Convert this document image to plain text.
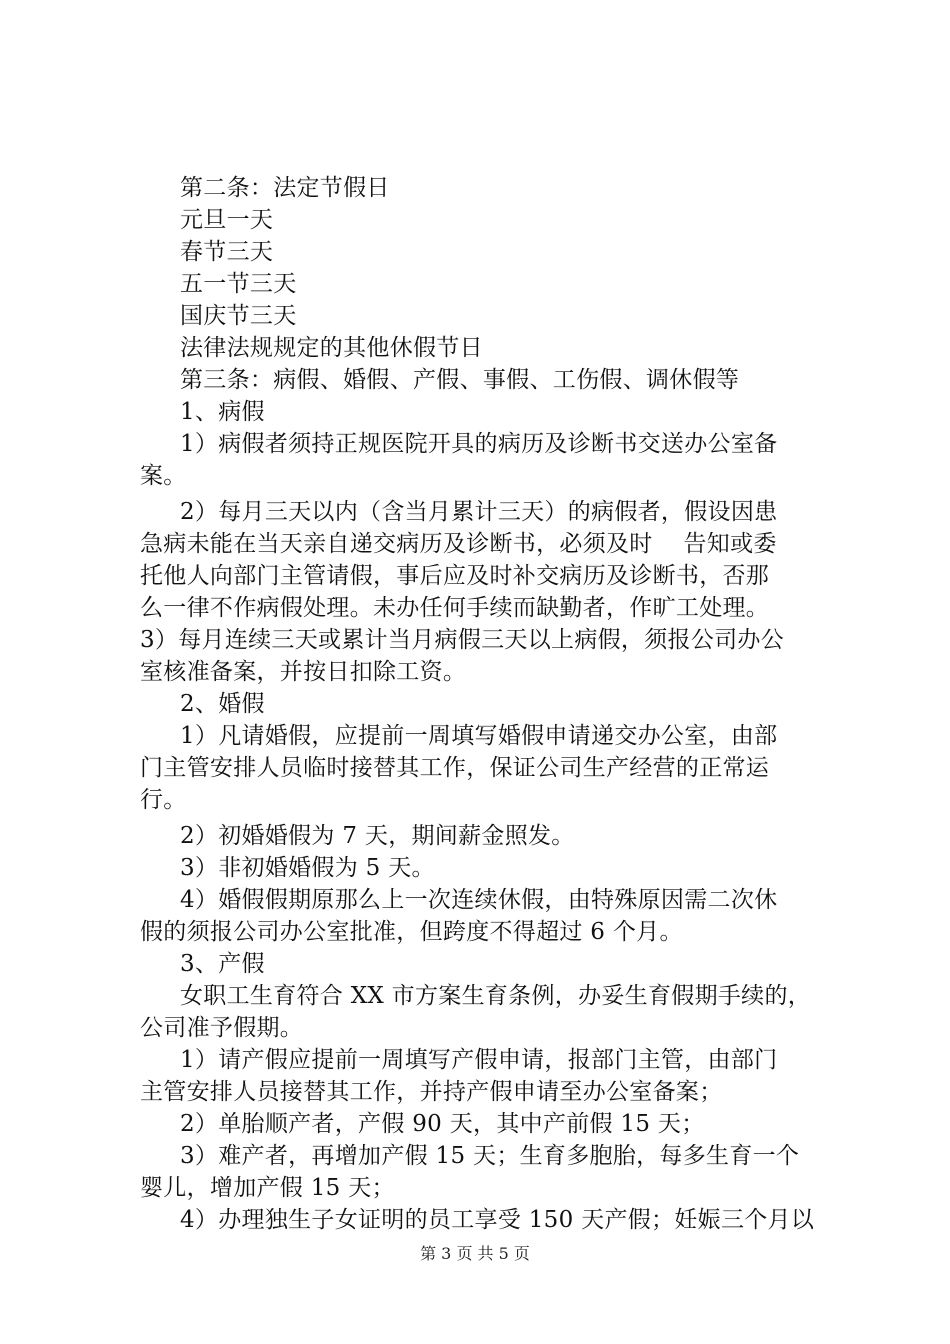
第二条：法定节假日
元旦一天
春节三天
五一节三天
国庆节三天
法律法规规定的其他休假节日
第三条：病假、婚假、产假、事假、工伤假、调休假等
1、病假
1）病假者须持正规医院开具的病历及诊断书交送办公室备
案。
2）每月三天以内（含当月累计三天）的病假者，假设因患
急病未能在当天亲自递交病历及诊断书，必须及时　 告知或委
托他人向部门主管请假，事后应及时补交病历及诊断书，否那
么一律不作病假处理。未办任何手续而缺勤者，作旷工处理。
3）每月连续三天或累计当月病假三天以上病假，须报公司办公
室核准备案，并按日扣除工资。
2、婚假
1）凡请婚假，应提前一周填写婚假申请递交办公室，由部
门主管安排人员临时接替其工作，保证公司生产经营的正常运
行。
2）初婚婚假为 7 天，期间薪金照发。
3）非初婚婚假为 5 天。
4）婚假假期原那么上一次连续休假，由特殊原因需二次休
假的须报公司办公室批准，但跨度不得超过 6 个月。
3、产假
女职工生育符合 XX 市方案生育条例，办妥生育假期手续的，
公司准予假期。
1）请产假应提前一周填写产假申请，报部门主管，由部门
主管安排人员接替其工作，并持产假申请至办公室备案；
2）单胎顺产者，产假 90 天，其中产前假 15 天；
3）难产者，再增加产假 15 天；生育多胞胎，每多生育一个
婴儿，增加产假 15 天；
4）办理独生子女证明的员工享受 150 天产假；妊娠三个月以
第 3 页 共 5 页
